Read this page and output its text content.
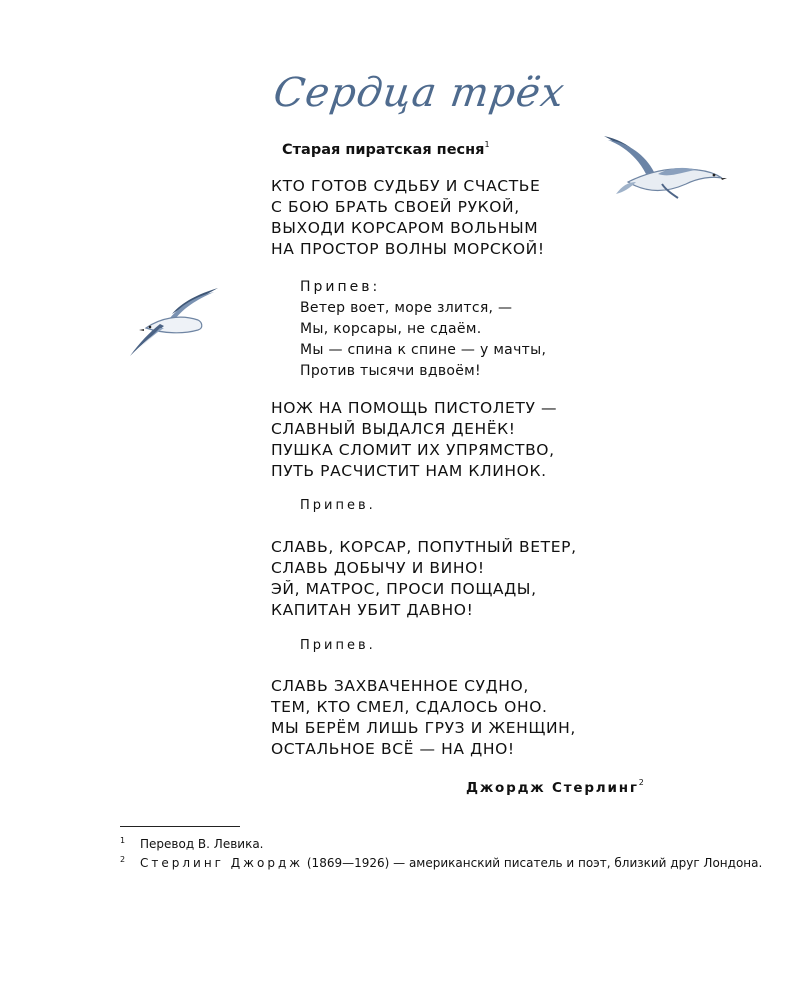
Сердца трёх
Старая пиратская песня$^1$
КТО ГОТОВ СУДЬБУ И СЧАСТЬЕ
С БОЮ БРАТЬ СВОЕЙ РУКОЙ,
ВЫХОДИ КОРСАРОМ ВОЛЬНЫМ
НА ПРОСТОР ВОЛНЫ МОРСКОЙ!
Припев:
Ветер воет, море злится, —
Мы, корсары, не сдаём.
Мы — спина к спине — у мачты,
Против тысячи вдвоём!
НОЖ НА ПОМОЩЬ ПИСТОЛЕТУ —
СЛАВНЫЙ ВЫДАЛСЯ ДЕНЁК!
ПУШКА СЛОМИТ ИХ УПРЯМСТВО,
ПУТЬ РАСЧИСТИТ НАМ КЛИНОК.
Припев.
СЛАВЬ, КОРСАР, ПОПУТНЫЙ ВЕТЕР,
СЛАВЬ ДОБЫЧУ И ВИНО!
ЭЙ, МАТРОС, ПРОСИ ПОЩАДЫ,
КАПИТАН УБИТ ДАВНО!
Припев.
СЛАВЬ ЗАХВАЧЕННОЕ СУДНО,
ТЕМ, КТО СМЕЛ, СДАЛОСЬ ОНО.
МЫ БЕРЁМ ЛИШЬ ГРУЗ И ЖЕНЩИН,
ОСТАЛЬНОЕ ВСЁ — НА ДНО!
Джордж Стерлинг$^2$
1 Перевод В. Левика.
2 Стерлинг Джордж (1869—1926) — американский писатель и поэт, близкий друг Лондона.
